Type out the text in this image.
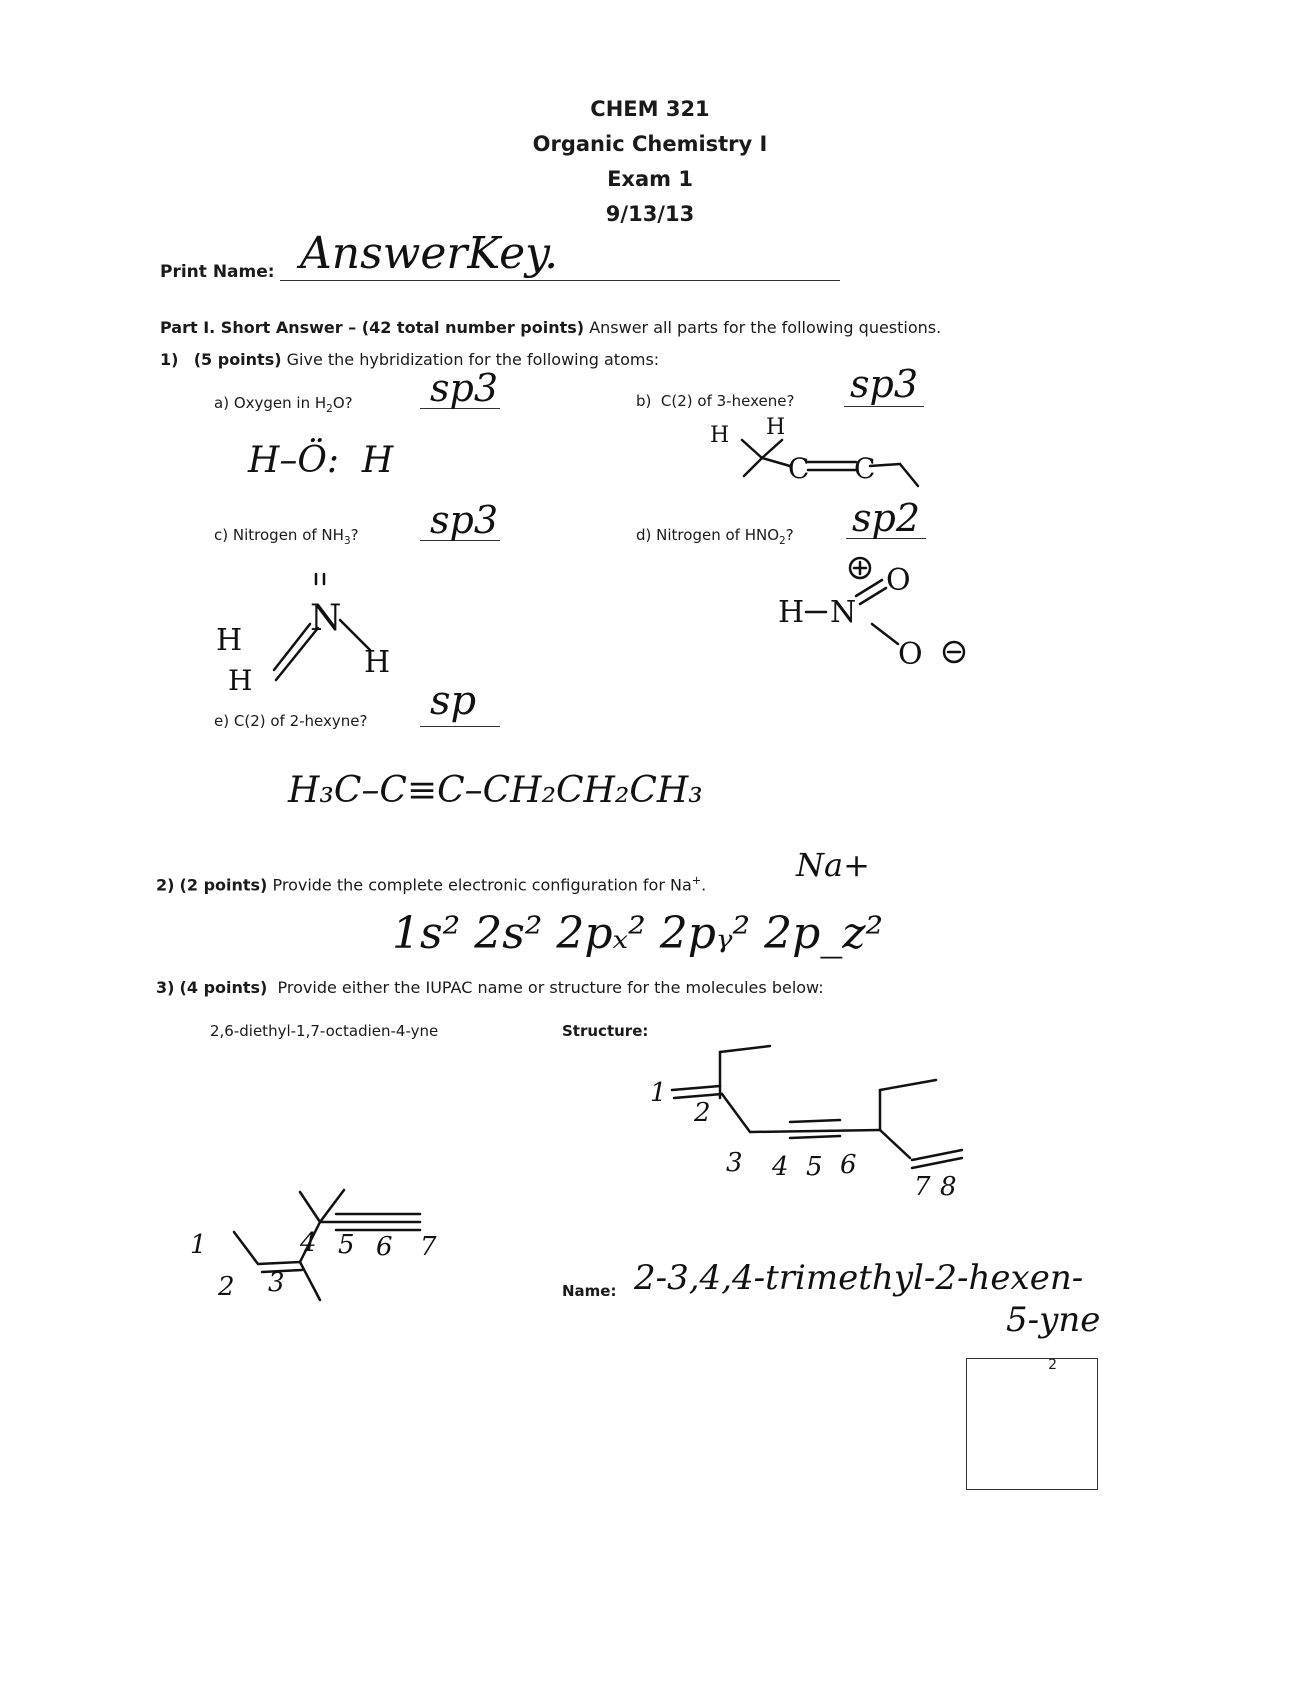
CHEM 321
Organic Chemistry I
Exam 1
9/13/13
Print Name: AnswerKey.
Part I. Short Answer – (42 total number points) Answer all parts for the following questions.
1) (5 points) Give the hybridization for the following atoms:
a) Oxygen in $H_2O$? sp3
H–Ö:  H
b) C(2) of 3-hexene? sp3
c) Nitrogen of $NH_3$? sp3	d) Nitrogen of $HNO_2$? sp2
e) C(2) of 2-hexyne? sp
H₃C–C≡C–CH₂CH₂CH₃
2) (2 points) Provide the complete electronic configuration for Na+.
Na+
1s² 2s² 2pₓ² 2pᵧ² 2p_z²
3) (4 points) Provide either the IUPAC name or structure for the molecules below:
2,6-diethyl-1,7-octadien-4-yne	Structure:
1
2
3 4 5 6
7 8
1
2 3
4 5 6 7
Name: 2-3,4,4-trimethyl-2-hexen-
5-yne
2
H H
C C
N
H
H
H
H N
O
O
